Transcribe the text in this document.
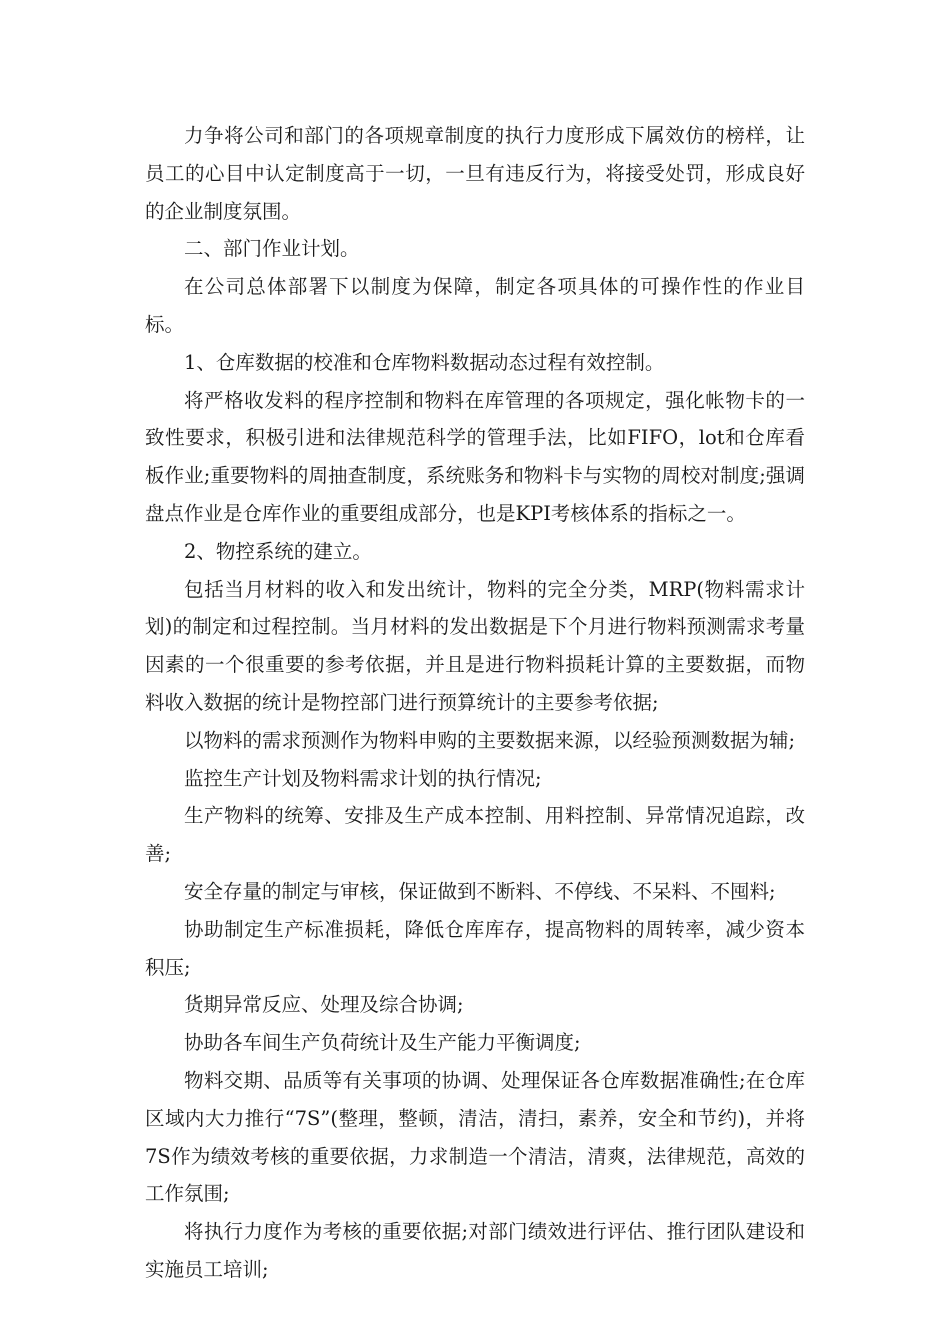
力争将公司和部门的各项规章制度的执行力度形成下属效仿的榜样，让员工的心目中认定制度高于一切，一旦有违反行为，将接受处罚，形成良好的企业制度氛围。

二、部门作业计划。

在公司总体部署下以制度为保障，制定各项具体的可操作性的作业目标。

1、仓库数据的校准和仓库物料数据动态过程有效控制。

将严格收发料的程序控制和物料在库管理的各项规定，强化帐物卡的一致性要求，积极引进和法律规范科学的管理手法，比如FIFO，lot和仓库看板作业;重要物料的周抽查制度，系统账务和物料卡与实物的周校对制度;强调盘点作业是仓库作业的重要组成部分，也是KPI考核体系的指标之一。

2、物控系统的建立。

包括当月材料的收入和发出统计，物料的完全分类，MRP(物料需求计划)的制定和过程控制。当月材料的发出数据是下个月进行物料预测需求考量因素的一个很重要的参考依据，并且是进行物料损耗计算的主要数据，而物料收入数据的统计是物控部门进行预算统计的主要参考依据;

以物料的需求预测作为物料申购的主要数据来源，以经验预测数据为辅;

监控生产计划及物料需求计划的执行情况;

生产物料的统筹、安排及生产成本控制、用料控制、异常情况追踪，改善;

安全存量的制定与审核，保证做到不断料、不停线、不呆料、不囤料;

协助制定生产标准损耗，降低仓库库存，提高物料的周转率，减少资本积压;

货期异常反应、处理及综合协调;

协助各车间生产负荷统计及生产能力平衡调度;

物料交期、品质等有关事项的协调、处理保证各仓库数据准确性;在仓库区域内大力推行“7S”(整理，整顿，清洁，清扫，素养，安全和节约)，并将7S作为绩效考核的重要依据，力求制造一个清洁，清爽，法律规范，高效的工作氛围;

将执行力度作为考核的重要依据;对部门绩效进行评估、推行团队建设和实施员工培训;
